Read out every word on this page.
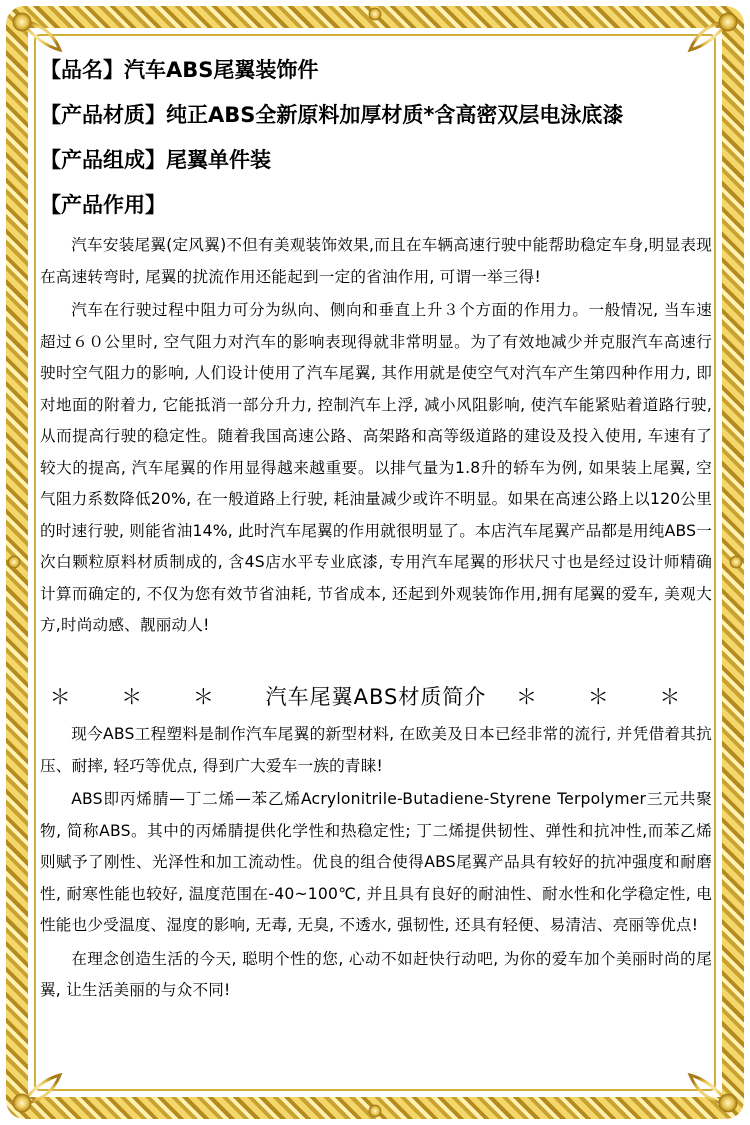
【品名】汽车ABS尾翼装饰件

【产品材质】纯正ABS全新原料加厚材质*含高密双层电泳底漆

【产品组成】尾翼单件装

【产品作用】

汽车安装尾翼(定风翼)不但有美观装饰效果,而且在车辆高速行驶中能帮助稳定车身,明显表现在高速转弯时, 尾翼的扰流作用还能起到一定的省油作用, 可谓一举三得!

汽车在行驶过程中阻力可分为纵向、侧向和垂直上升３个方面的作用力。一般情况, 当车速超过６０公里时, 空气阻力对汽车的影响表现得就非常明显。为了有效地减少并克服汽车高速行驶时空气阻力的影响, 人们设计使用了汽车尾翼, 其作用就是使空气对汽车产生第四种作用力, 即对地面的附着力, 它能抵消一部分升力, 控制汽车上浮, 减小风阻影响, 使汽车能紧贴着道路行驶, 从而提高行驶的稳定性。随着我国高速公路、高架路和高等级道路的建设及投入使用, 车速有了较大的提高, 汽车尾翼的作用显得越来越重要。以排气量为1.8升的轿车为例, 如果装上尾翼, 空气阻力系数降低20%, 在一般道路上行驶, 耗油量减少或许不明显。如果在高速公路上以120公里的时速行驶, 则能省油14%, 此时汽车尾翼的作用就很明显了。本店汽车尾翼产品都是用纯ABS一次白颗粒原料材质制成的, 含4S店水平专业底漆, 专用汽车尾翼的形状尺寸也是经过设计师精确计算而确定的, 不仅为您有效节省油耗, 节省成本, 还起到外观装饰作用,拥有尾翼的爱车, 美观大方,时尚动感、靓丽动人!

＊ ＊ ＊ 汽车尾翼ABS材质简介 ＊ ＊ ＊

现今ABS工程塑料是制作汽车尾翼的新型材料, 在欧美及日本已经非常的流行, 并凭借着其抗压、耐摔, 轻巧等优点, 得到广大爱车一族的青睐!

ABS即丙烯腈—丁二烯—苯乙烯Acrylonitrile-Butadiene-Styrene Terpolymer三元共聚物, 简称ABS。其中的丙烯腈提供化学性和热稳定性; 丁二烯提供韧性、弹性和抗冲性,而苯乙烯则赋予了刚性、光泽性和加工流动性。优良的组合使得ABS尾翼产品具有较好的抗冲强度和耐磨性, 耐寒性能也较好, 温度范围在-40~100℃, 并且具有良好的耐油性、耐水性和化学稳定性, 电性能也少受温度、湿度的影响, 无毒, 无臭, 不透水, 强韧性, 还具有轻便、易清洁、亮丽等优点!

在理念创造生活的今天, 聪明个性的您, 心动不如赶快行动吧, 为你的爱车加个美丽时尚的尾翼, 让生活美丽的与众不同!
